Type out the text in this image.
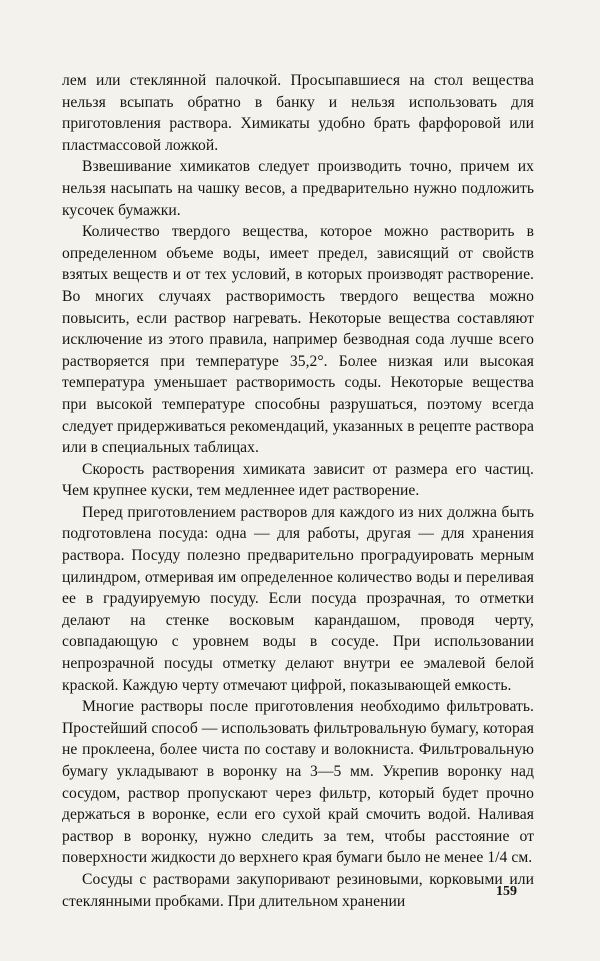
лем или стеклянной палочкой. Просыпавшиеся на стол вещества нельзя всыпать обратно в банку и нельзя использовать для приготовления раствора. Химикаты удобно брать фарфоровой или пластмассовой ложкой.

Взвешивание химикатов следует производить точно, причем их нельзя насыпать на чашку весов, а предварительно нужно подложить кусочек бумажки.

Количество твердого вещества, которое можно растворить в определенном объеме воды, имеет предел, зависящий от свойств взятых веществ и от тех условий, в которых производят растворение. Во многих случаях растворимость твердого вещества можно повысить, если раствор нагревать. Некоторые вещества составляют исключение из этого правила, например безводная сода лучше всего растворяется при температуре 35,2°. Более низкая или высокая температура уменьшает растворимость соды. Некоторые вещества при высокой температуре способны разрушаться, поэтому всегда следует придерживаться рекомендаций, указанных в рецепте раствора или в специальных таблицах.

Скорость растворения химиката зависит от размера его частиц. Чем крупнее куски, тем медленнее идет растворение.

Перед приготовлением растворов для каждого из них должна быть подготовлена посуда: одна — для работы, другая — для хранения раствора. Посуду полезно предварительно проградуировать мерным цилиндром, отмеривая им определенное количество воды и переливая ее в градуируемую посуду. Если посуда прозрачная, то отметки делают на стенке восковым карандашом, проводя черту, совпадающую с уровнем воды в сосуде. При использовании непрозрачной посуды отметку делают внутри ее эмалевой белой краской. Каждую черту отмечают цифрой, показывающей емкость.

Многие растворы после приготовления необходимо фильтровать. Простейший способ — использовать фильтровальную бумагу, которая не проклеена, более чиста по составу и волокниста. Фильтровальную бумагу укладывают в воронку на 3—5 мм. Укрепив воронку над сосудом, раствор пропускают через фильтр, который будет прочно держаться в воронке, если его сухой край смочить водой. Наливая раствор в воронку, нужно следить за тем, чтобы расстояние от поверхности жидкости до верхнего края бумаги было не менее 1/4 см.

Сосуды с растворами закупоривают резиновыми, корковыми или стеклянными пробками. При длительном хранении

159
